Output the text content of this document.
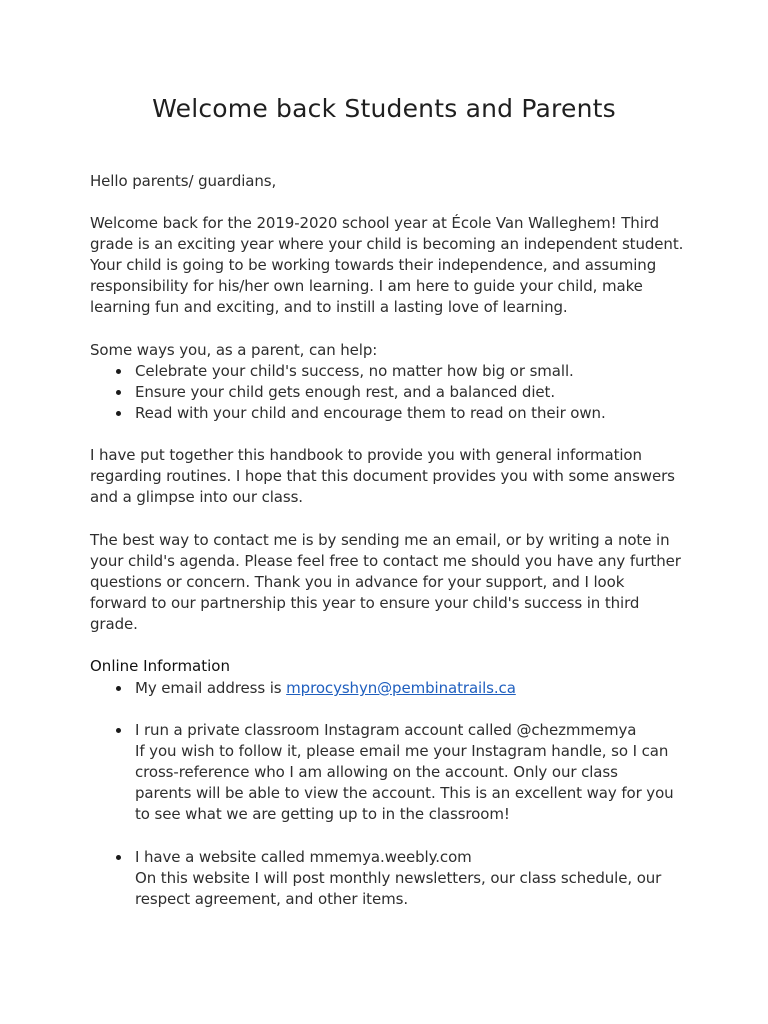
Welcome back Students and Parents
Hello parents/ guardians,
Welcome back for the 2019-2020 school year at École Van Walleghem! Third
grade is an exciting year where your child is becoming an independent student.
Your child is going to be working towards their independence, and assuming
responsibility for his/her own learning. I am here to guide your child, make
learning fun and exciting, and to instill a lasting love of learning.
Some ways you, as a parent, can help:
Celebrate your child's success, no matter how big or small.
Ensure your child gets enough rest, and a balanced diet.
Read with your child and encourage them to read on their own.
I have put together this handbook to provide you with general information
regarding routines. I hope that this document provides you with some answers
and a glimpse into our class.
The best way to contact me is by sending me an email, or by writing a note in
your child's agenda. Please feel free to contact me should you have any further
questions or concern. Thank you in advance for your support, and I look
forward to our partnership this year to ensure your child's success in third
grade.
Online Information
My email address is mprocyshyn@pembinatrails.ca
I run a private classroom Instagram account called @chezmmemya
If you wish to follow it, please email me your Instagram handle, so I can
cross-reference who I am allowing on the account. Only our class
parents will be able to view the account. This is an excellent way for you
to see what we are getting up to in the classroom!
I have a website called mmemya.weebly.com
On this website I will post monthly newsletters, our class schedule, our
respect agreement, and other items.
